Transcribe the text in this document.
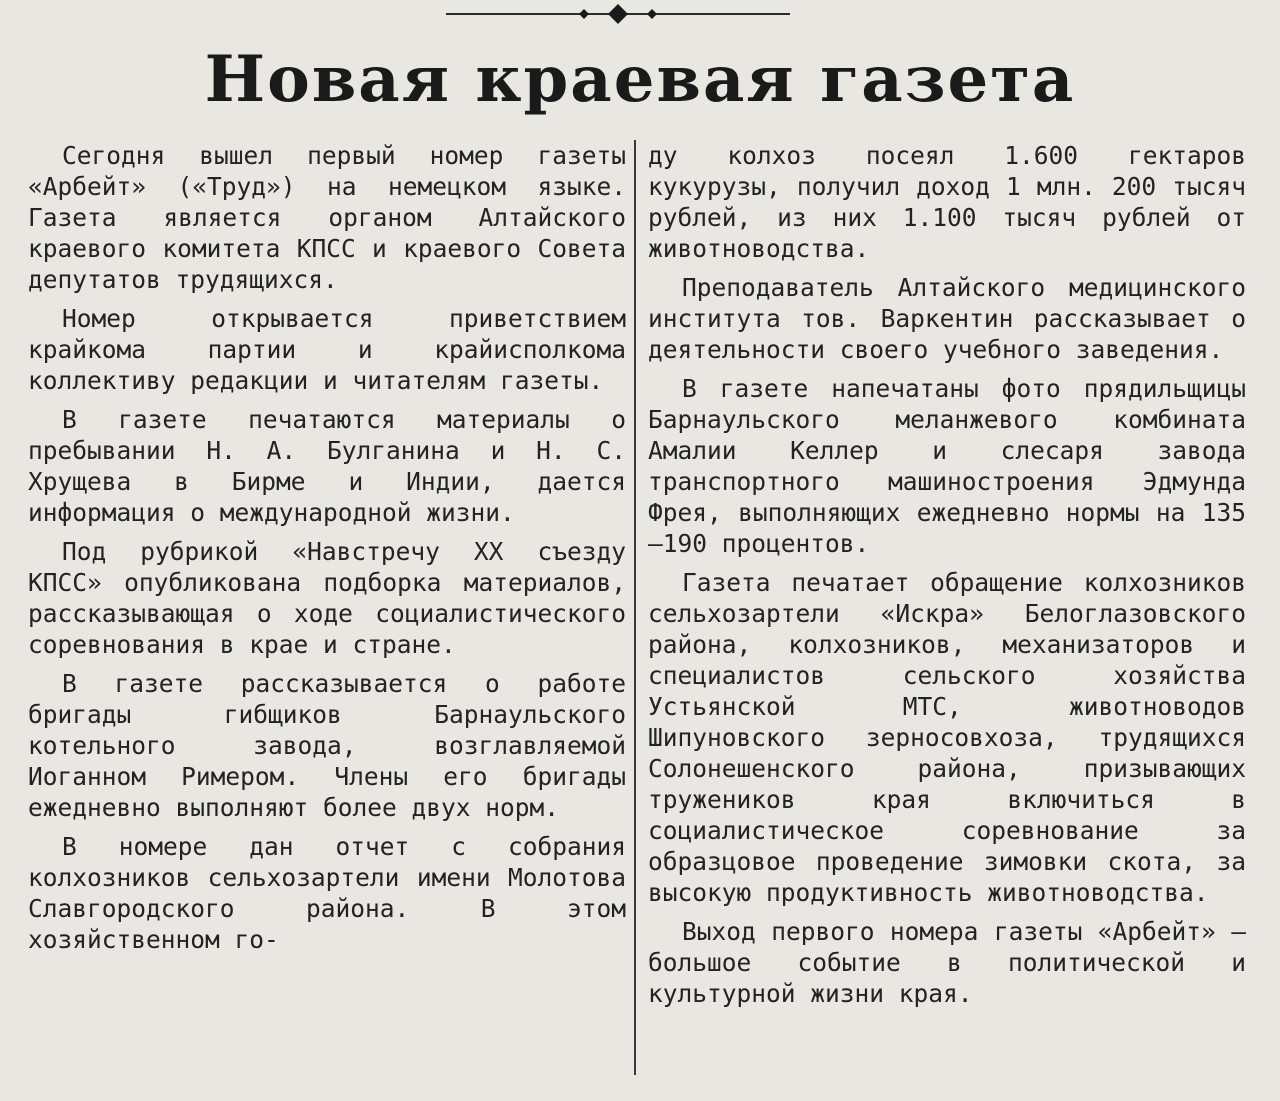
Новая краевая газета

Сегодня вышел первый номер газеты «Арбейт» («Труд») на немецком языке. Газета является органом Алтайского краевого комитета КПСС и краевого Совета депутатов трудящихся.

Номер открывается приветствием крайкома партии и крайисполкома коллективу редакции и читателям газеты.

В газете печатаются материалы о пребывании Н. А. Булганина и Н. С. Хрущева в Бирме и Индии, дается информация о международной жизни.

Под рубрикой «Навстречу XX съезду КПСС» опубликована подборка материалов, рассказывающая о ходе социалистического соревнования в крае и стране.

В газете рассказывается о работе бригады гибщиков Барнаульского котельного завода, возглавляемой Иоганном Римером. Члены его бригады ежедневно выполняют более двух норм.

В номере дан отчет с собрания колхозников сельхозартели имени Молотова Славгородского района. В этом хозяйственном го-

ду колхоз посеял 1.600 гектаров кукурузы, получил доход 1 млн. 200 тысяч рублей, из них 1.100 тысяч рублей от животноводства.

Преподаватель Алтайского медицинского института тов. Варкентин рассказывает о деятельности своего учебного заведения.

В газете напечатаны фото прядильщицы Барнаульского меланжевого комбината Амалии Келлер и слесаря завода транспортного машиностроения Эдмунда Фрея, выполняющих ежедневно нормы на 135—190 процентов.

Газета печатает обращение колхозников сельхозартели «Искра» Белоглазовского района, колхозников, механизаторов и специалистов сельского хозяйства Устьянской МТС, животноводов Шипуновского зерносовхоза, трудящихся Солонешенского района, призывающих тружеников края включиться в социалистическое соревнование за образцовое проведение зимовки скота, за высокую продуктивность животноводства.

Выход первого номера газеты «Арбейт» — большое событие в политической и культурной жизни края.
